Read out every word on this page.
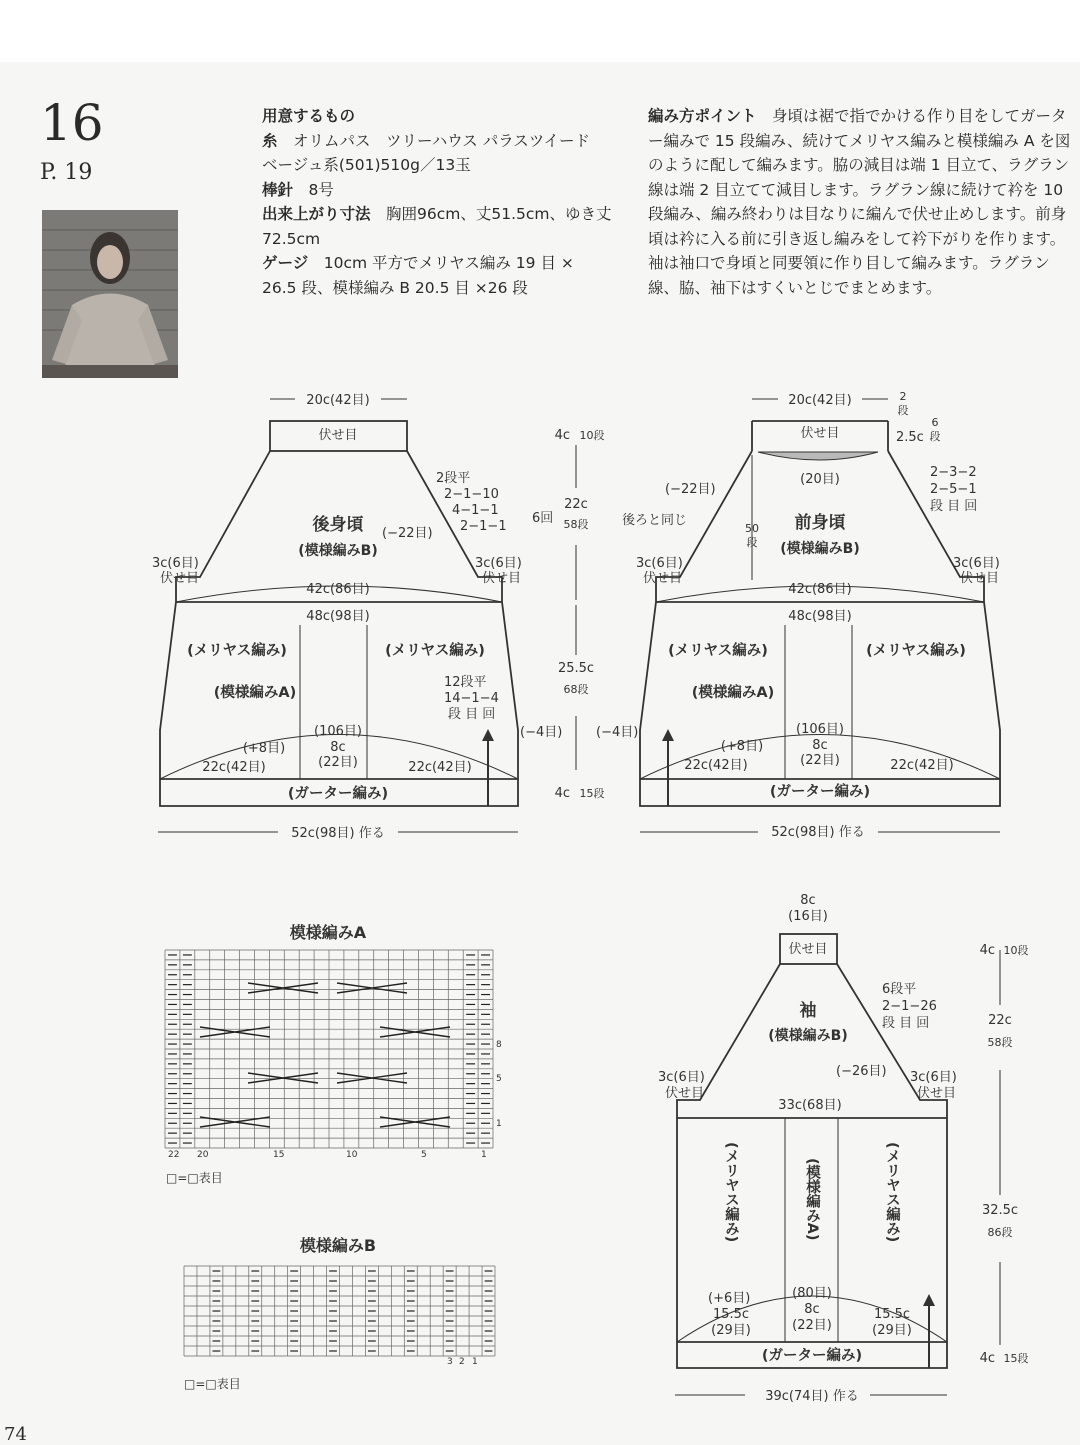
16
P. 19
用意するもの
糸　 オリムパス　ツリーハウス パラスツイード　ベージュ系(501)510g／13玉
棒針　 8号
出来上がり寸法　 胸囲96cm、丈51.5cm、ゆき丈72.5cm
ゲージ　 10cm 平方でメリヤス編み 19 目 × 26.5 段、模様編み B 20.5 目 ×26 段
編み方ポイント　 身頃は裾で指でかける作り目をしてガーター編みで 15 段編み、続けてメリヤス編みと模様編み A を図のように配して編みます。脇の減目は端 1 目立て、ラグラン線は端 2 目立てて減目します。ラグラン線に続けて衿を 10 段編み、編み終わりは目なりに編んで伏せ止めします。前身頃は衿に入る前に引き返し編みをして衿下がりを作ります。袖は袖口で身頃と同要領に作り目して編みます。ラグラン線、脇、袖下はすくいとじでまとめます。
20c(42目)
伏せ目
後身頃
(模様編みB)
2段平
2−1−10
4−1−1
2−1−1
6回
(−22目)
3c(6目)
伏せ目
3c(6目)
伏せ目
42c(86目)
48c(98目)
(メリヤス編み)	(メリヤス編み)
(模様編みA)
12段平
14−1−4
段 目 回
(−4目)
(106目)
(+8目)	8c
(22目)
22c(42目)	22c(42目)
(ガーター編み)
52c(98目) 作る
4c 10段
22c
58段
25.5c
68段
4c 15段
20c(42目)
伏せ目
2
段
2.5c
6
段
(20目)	2−3−2
2−5−1
段 目 回
前身頃
(模様編みB)
(−22目)
後ろと同じ
50
段
3c(6目)
伏せ目
3c(6目)
伏せ目
42c(86目)
48c(98目)
(メリヤス編み)	(メリヤス編み)
(模様編みA)
(−4目)	(106目)
(+8目)	8c
(22目)
22c(42目)	22c(42目)
(ガーター編み)
52c(98目) 作る
8c
(16目)
伏せ目
袖
(模様編みB)
6段平
2−1−26
段 目 回
(−26目)
3c(6目)
伏せ目
3c(6目)
伏せ目
33c(68目)
(+6目)	(80目)
8c
(22目)
15.5c
(29目)
15.5c
(29目)
(ガーター編み)
39c(74目) 作る
4c 10段
22c
58段
32.5c
86段
4c 15段
(メリヤス編み)	(模様編みA)	(メリヤス編み)
模様編みA
22 20	15	10	5	1
8
5
1
□=□表目
模様編みB
3 2 1
□=□表目
74
